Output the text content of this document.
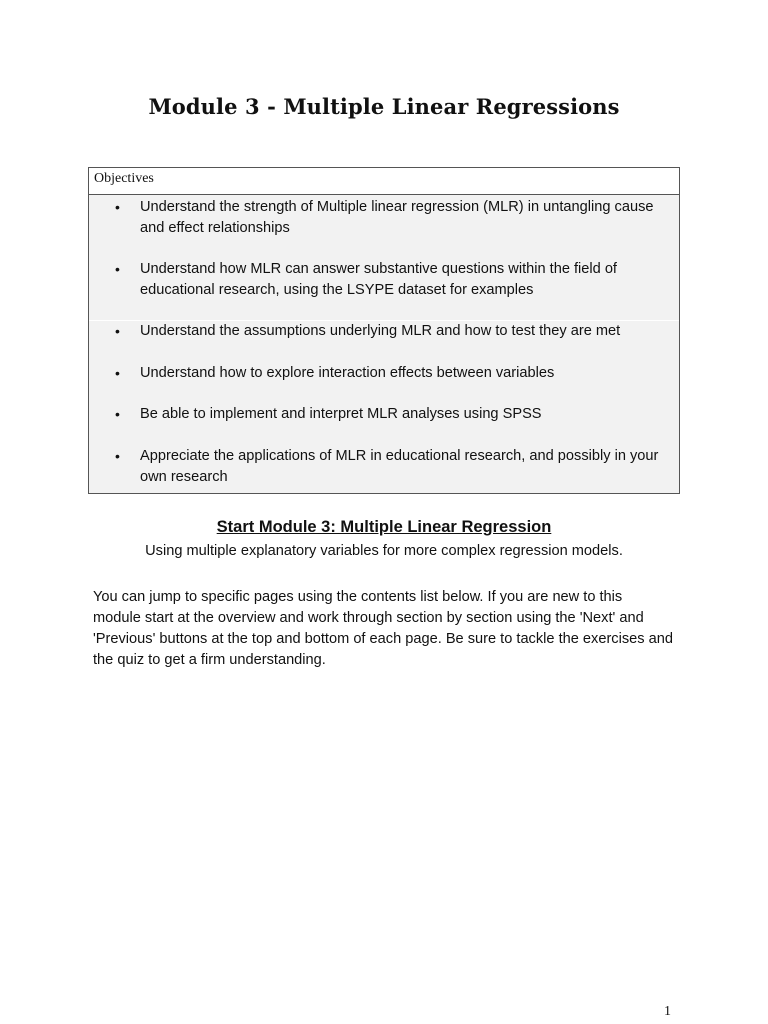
Module 3 - Multiple Linear Regressions
Objectives
• Understand the strength of Multiple linear regression (MLR) in untangling cause and effect relationships
• Understand how MLR can answer substantive questions within the field of educational research, using the LSYPE dataset for examples
• Understand the assumptions underlying MLR and how to test they are met
• Understand how to explore interaction effects between variables
• Be able to implement and interpret MLR analyses using SPSS
• Appreciate the applications of MLR in educational research, and possibly in your own research
Start Module 3: Multiple Linear Regression

Using multiple explanatory variables for more complex regression models.

You can jump to specific pages using the contents list below. If you are new to this module start at the overview and work through section by section using the 'Next' and 'Previous' buttons at the top and bottom of each page. Be sure to tackle the exercises and the quiz to get a firm understanding.

1
